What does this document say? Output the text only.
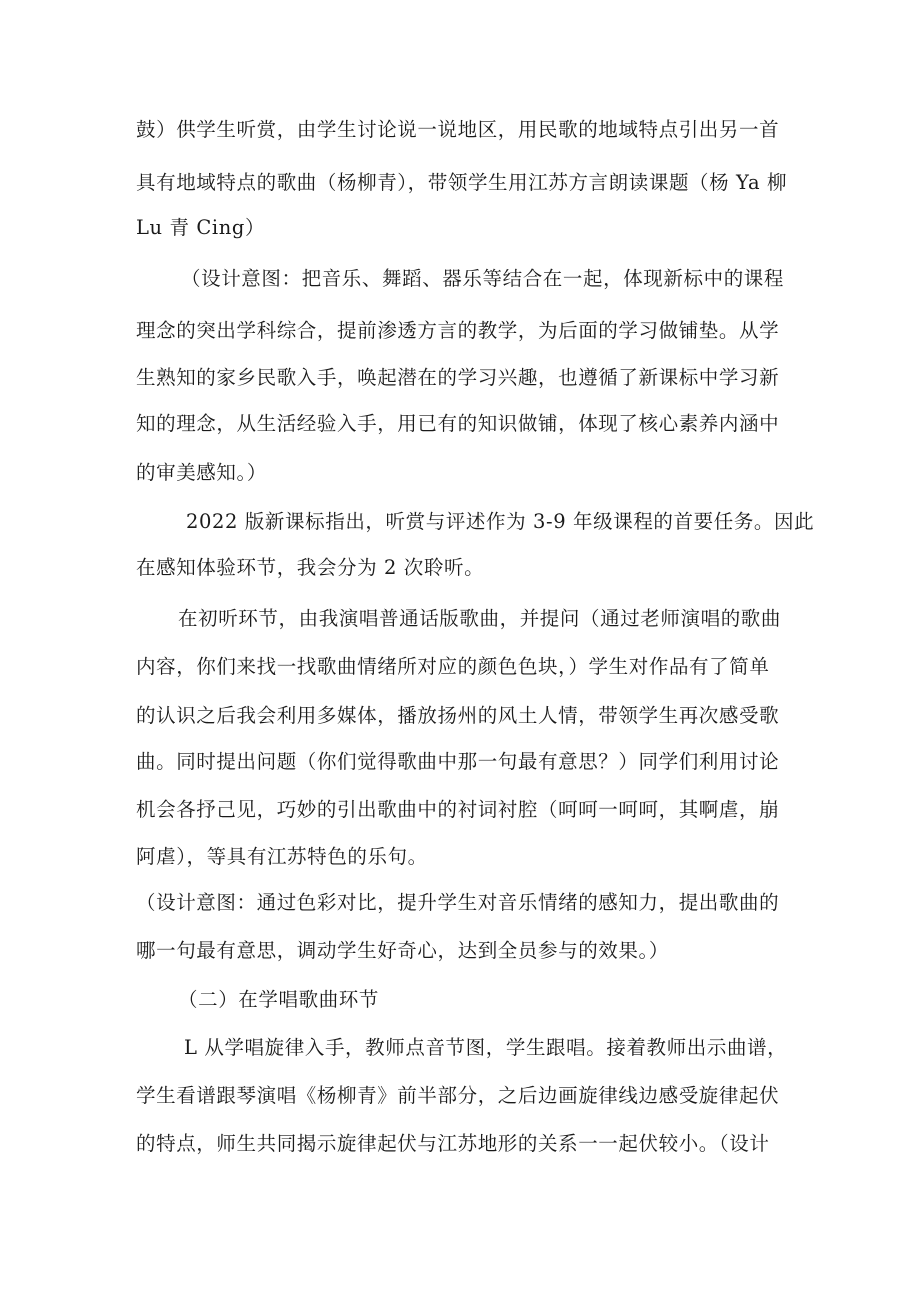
鼓）供学生听赏，由学生讨论说一说地区，用民歌的地域特点引出另一首
具有地域特点的歌曲（杨柳青），带领学生用江苏方言朗读课题（杨 Ya 柳
Lu 青 Cing）
（设计意图：把音乐、舞蹈、器乐等结合在一起，体现新标中的课程
理念的突出学科综合，提前渗透方言的教学，为后面的学习做铺垫。从学
生熟知的家乡民歌入手，唤起潜在的学习兴趣，也遵循了新课标中学习新
知的理念，从生活经验入手，用已有的知识做铺，体现了核心素养内涵中
的审美感知。）
2022 版新课标指出，听赏与评述作为 3-9 年级课程的首要任务。因此
在感知体验环节，我会分为 2 次聆听。
在初听环节，由我演唱普通话版歌曲，并提问（通过老师演唱的歌曲
内容，你们来找一找歌曲情绪所对应的颜色色块，）学生对作品有了简单
的认识之后我会利用多媒体，播放扬州的风土人情，带领学生再次感受歌
曲。同时提出问题（你们觉得歌曲中那一句最有意思？）同学们利用讨论
机会各抒己见，巧妙的引出歌曲中的衬词衬腔（呵呵一呵呵，其啊虐，崩
阿虐），等具有江苏特色的乐句。
（设计意图：通过色彩对比，提升学生对音乐情绪的感知力，提出歌曲的
哪一句最有意思，调动学生好奇心，达到全员参与的效果。）
（二）在学唱歌曲环节
L 从学唱旋律入手，教师点音节图，学生跟唱。接着教师出示曲谱，
学生看谱跟琴演唱《杨柳青》前半部分，之后边画旋律线边感受旋律起伏
的特点，师生共同揭示旋律起伏与江苏地形的关系一一起伏较小。（设计
